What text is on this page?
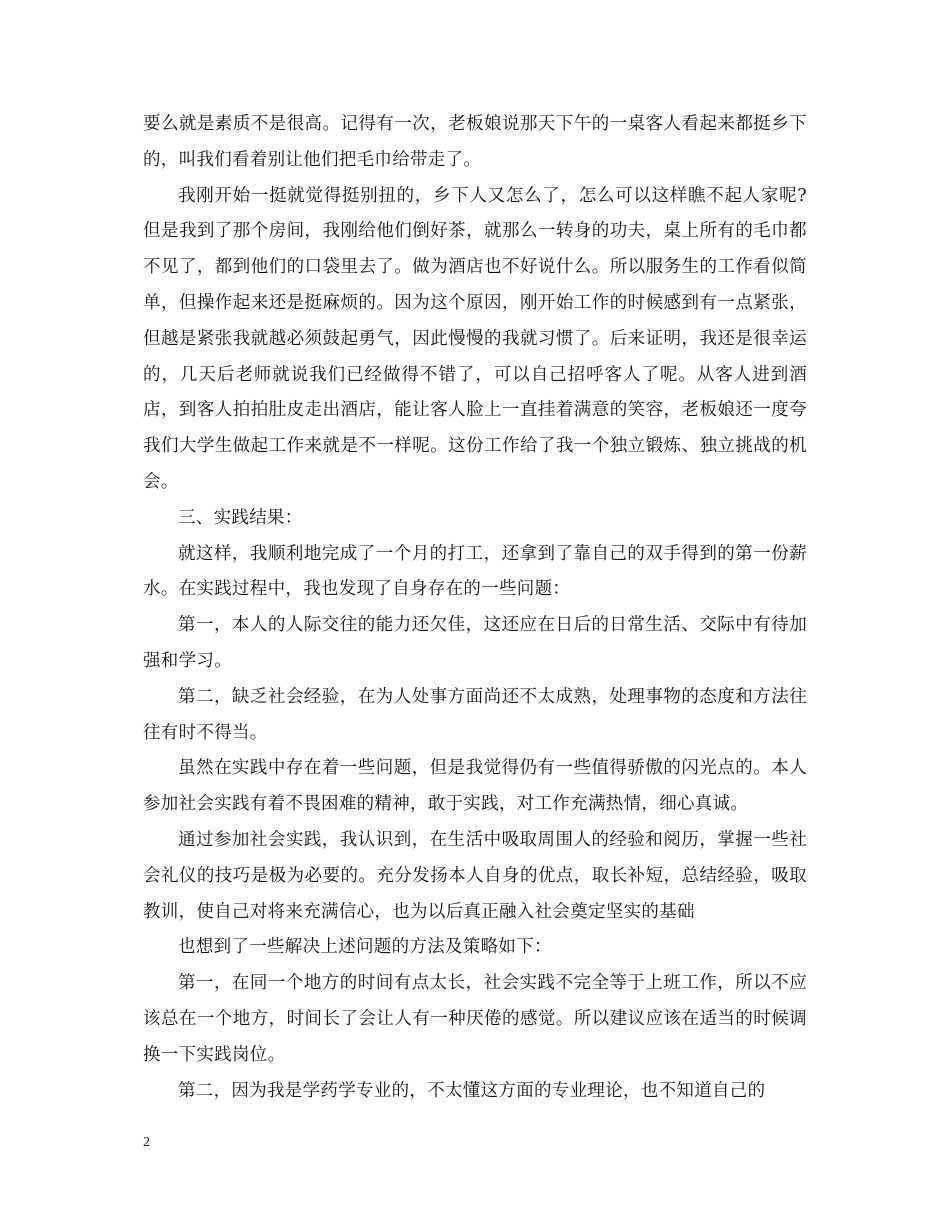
要么就是素质不是很高。记得有一次，老板娘说那天下午的一桌客人看起来都挺乡下的，叫我们看着别让他们把毛巾给带走了。

我刚开始一挺就觉得挺别扭的，乡下人又怎么了，怎么可以这样瞧不起人家呢?但是我到了那个房间，我刚给他们倒好茶，就那么一转身的功夫，桌上所有的毛巾都不见了，都到他们的口袋里去了。做为酒店也不好说什么。所以服务生的工作看似简单，但操作起来还是挺麻烦的。因为这个原因，刚开始工作的时候感到有一点紧张，但越是紧张我就越必须鼓起勇气，因此慢慢的我就习惯了。后来证明，我还是很幸运的，几天后老师就说我们已经做得不错了，可以自己招呼客人了呢。从客人进到酒店，到客人拍拍肚皮走出酒店，能让客人脸上一直挂着满意的笑容，老板娘还一度夸我们大学生做起工作来就是不一样呢。这份工作给了我一个独立锻炼、独立挑战的机会。

三、实践结果：

就这样，我顺利地完成了一个月的打工，还拿到了靠自己的双手得到的第一份薪水。在实践过程中，我也发现了自身存在的一些问题：

第一，本人的人际交往的能力还欠佳，这还应在日后的日常生活、交际中有待加强和学习。

第二，缺乏社会经验，在为人处事方面尚还不太成熟，处理事物的态度和方法往往有时不得当。

虽然在实践中存在着一些问题，但是我觉得仍有一些值得骄傲的闪光点的。本人参加社会实践有着不畏困难的精神，敢于实践，对工作充满热情，细心真诚。

通过参加社会实践，我认识到，在生活中吸取周围人的经验和阅历，掌握一些社会礼仪的技巧是极为必要的。充分发扬本人自身的优点，取长补短，总结经验，吸取教训，使自己对将来充满信心，也为以后真正融入社会奠定坚实的基础

也想到了一些解决上述问题的方法及策略如下：

第一，在同一个地方的时间有点太长，社会实践不完全等于上班工作，所以不应该总在一个地方，时间长了会让人有一种厌倦的感觉。所以建议应该在适当的时候调换一下实践岗位。

第二，因为我是学药学专业的，不太懂这方面的专业理论，也不知道自己的

2
